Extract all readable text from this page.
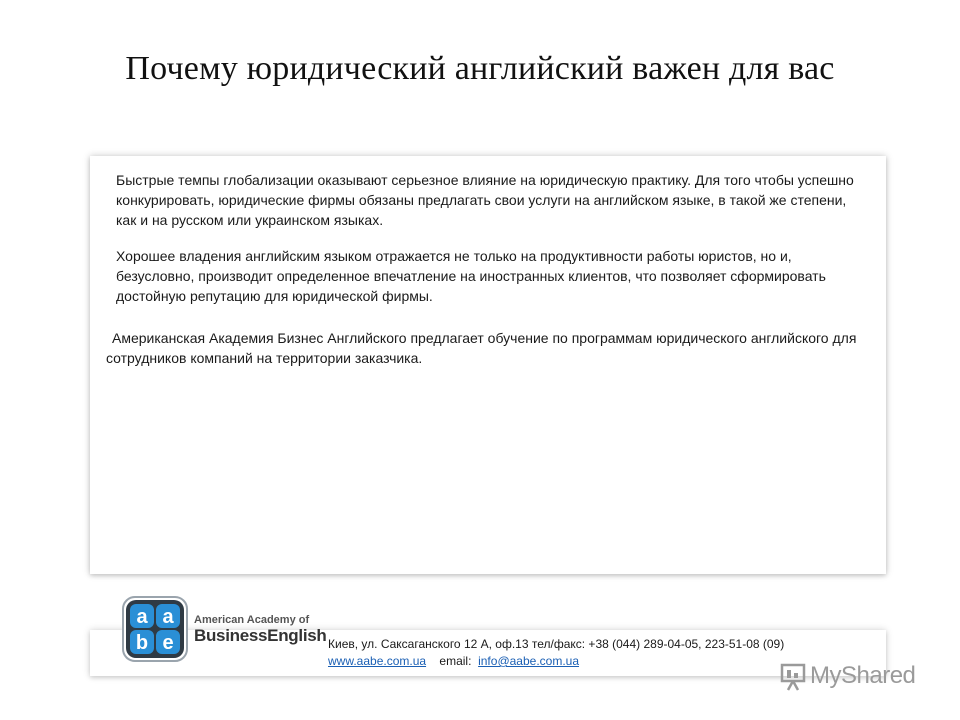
Почему юридический английский важен для вас

Быстрые темпы глобализации оказывают серьезное влияние на юридическую практику. Для того чтобы успешно конкурировать, юридические фирмы обязаны предлагать свои услуги на английском языке, в такой же степени, как и на русском или украинском языках.

Хорошее владения английским языком отражается не только на продуктивности работы юристов, но и, безусловно, производит определенное впечатление на иностранных клиентов, что позволяет сформировать достойную репутацию для юридической фирмы.

Американская Академия Бизнес Английского предлагает обучение по программам юридического английского для сотрудников компаний на территории заказчика.

a a
b e
American Academy of
BusinessEnglish Киев, ул. Саксаганского 12 А, оф.13 тел/факс: +38 (044) 289-04-05, 223-51-08 (09)
www.aabe.com.ua email: info@aabe.com.ua
MyShared
